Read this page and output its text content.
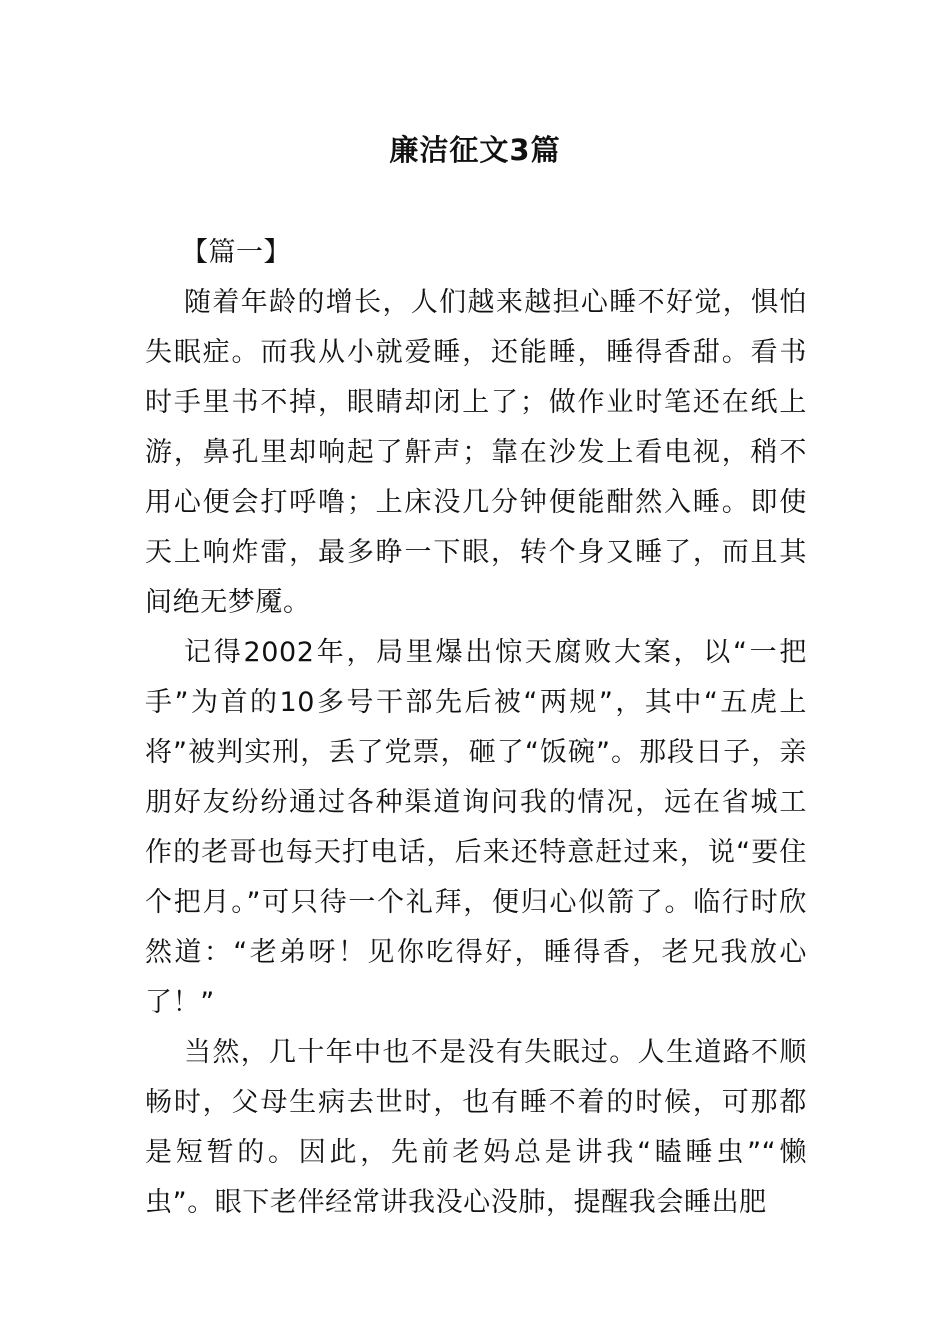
廉洁征文3篇

【篇一】

随着年龄的增长，人们越来越担心睡不好觉，惧怕失眠症。而我从小就爱睡，还能睡，睡得香甜。看书时手里书不掉，眼睛却闭上了；做作业时笔还在纸上游，鼻孔里却响起了鼾声；靠在沙发上看电视，稍不用心便会打呼噜；上床没几分钟便能酣然入睡。即使天上响炸雷，最多睁一下眼，转个身又睡了，而且其间绝无梦魇。

记得2002年，局里爆出惊天腐败大案，以“一把手”为首的10多号干部先后被“两规”，其中“五虎上将”被判实刑，丢了党票，砸了“饭碗”。那段日子，亲朋好友纷纷通过各种渠道询问我的情况，远在省城工作的老哥也每天打电话，后来还特意赶过来，说“要住个把月。”可只待一个礼拜，便归心似箭了。临行时欣然道：“老弟呀！见你吃得好，睡得香，老兄我放心了！”

当然，几十年中也不是没有失眠过。人生道路不顺畅时，父母生病去世时，也有睡不着的时候，可那都是短暂的。因此，先前老妈总是讲我“瞌睡虫”“懒虫”。眼下老伴经常讲我没心没肺，提醒我会睡出肥
